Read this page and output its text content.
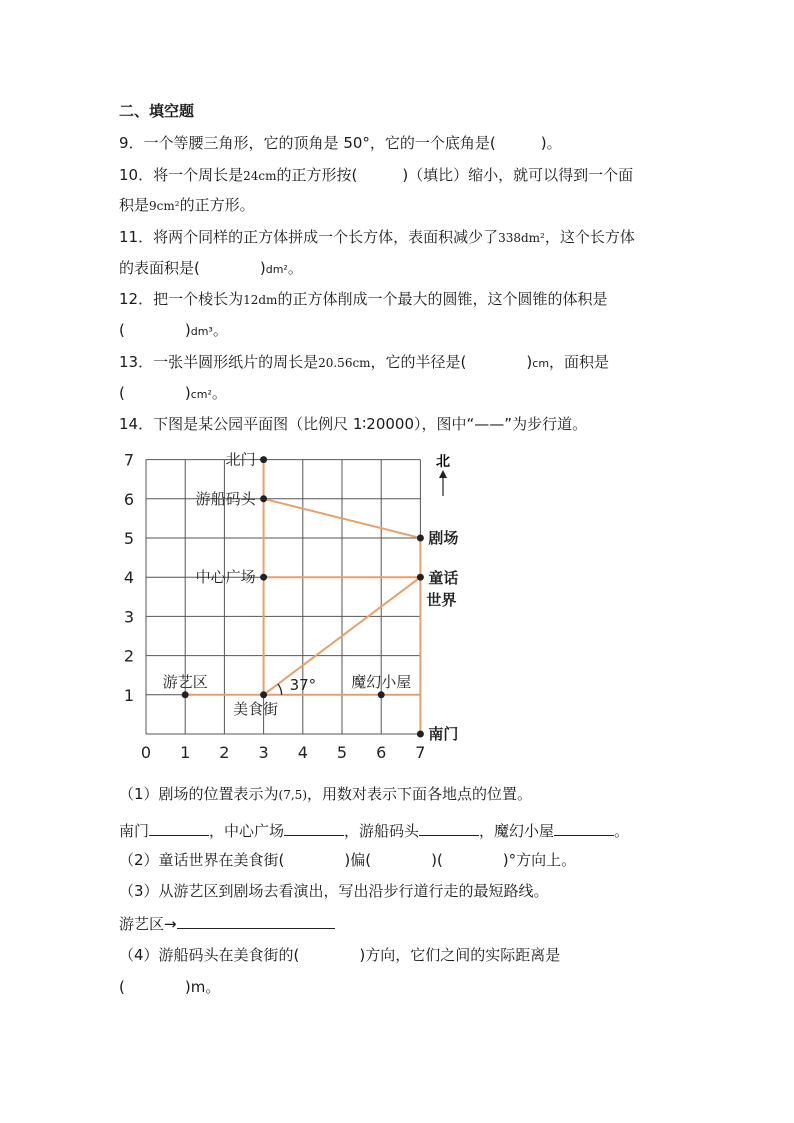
二、填空题
9．一个等腰三角形，它的顶角是 50°，它的一个底角是(　　　)。
10．将一个周长是24cm的正方形按(　　　)（填比）缩小，就可以得到一个面
积是9cm²的正方形。
11．将两个同样的正方体拼成一个长方体，表面积减少了338dm²，这个长方体
的表面积是(　　　　)dm²。
12．把一个棱长为12dm的正方体削成一个最大的圆锥，这个圆锥的体积是
(　　　　)dm³。
13．一张半圆形纸片的周长是20.56cm，它的半径是(　　　　)cm，面积是
(　　　　)cm²。
14．下图是某公园平面图（比例尺 1∶20000），图中“——”为步行道。
0 1 2 3 4 5 6 7
1
2
3
4
5
6
7	北门
游船码头
剧场
中心广场	童话
世界
游艺区
美食街
魔幻小屋
南门
37°
北
（1）剧场的位置表示为(7,5)，用数对表示下面各地点的位置。
南门	，中心广场	，游船码头	，魔幻小屋	。
（2）童话世界在美食街(　　　　)偏(　　　　)(　　　　)°方向上。
（3）从游艺区到剧场去看演出，写出沿步行道行走的最短路线。
游艺区→
（4）游船码头在美食街的(　　　　)方向，它们之间的实际距离是
(　　　　)m。
